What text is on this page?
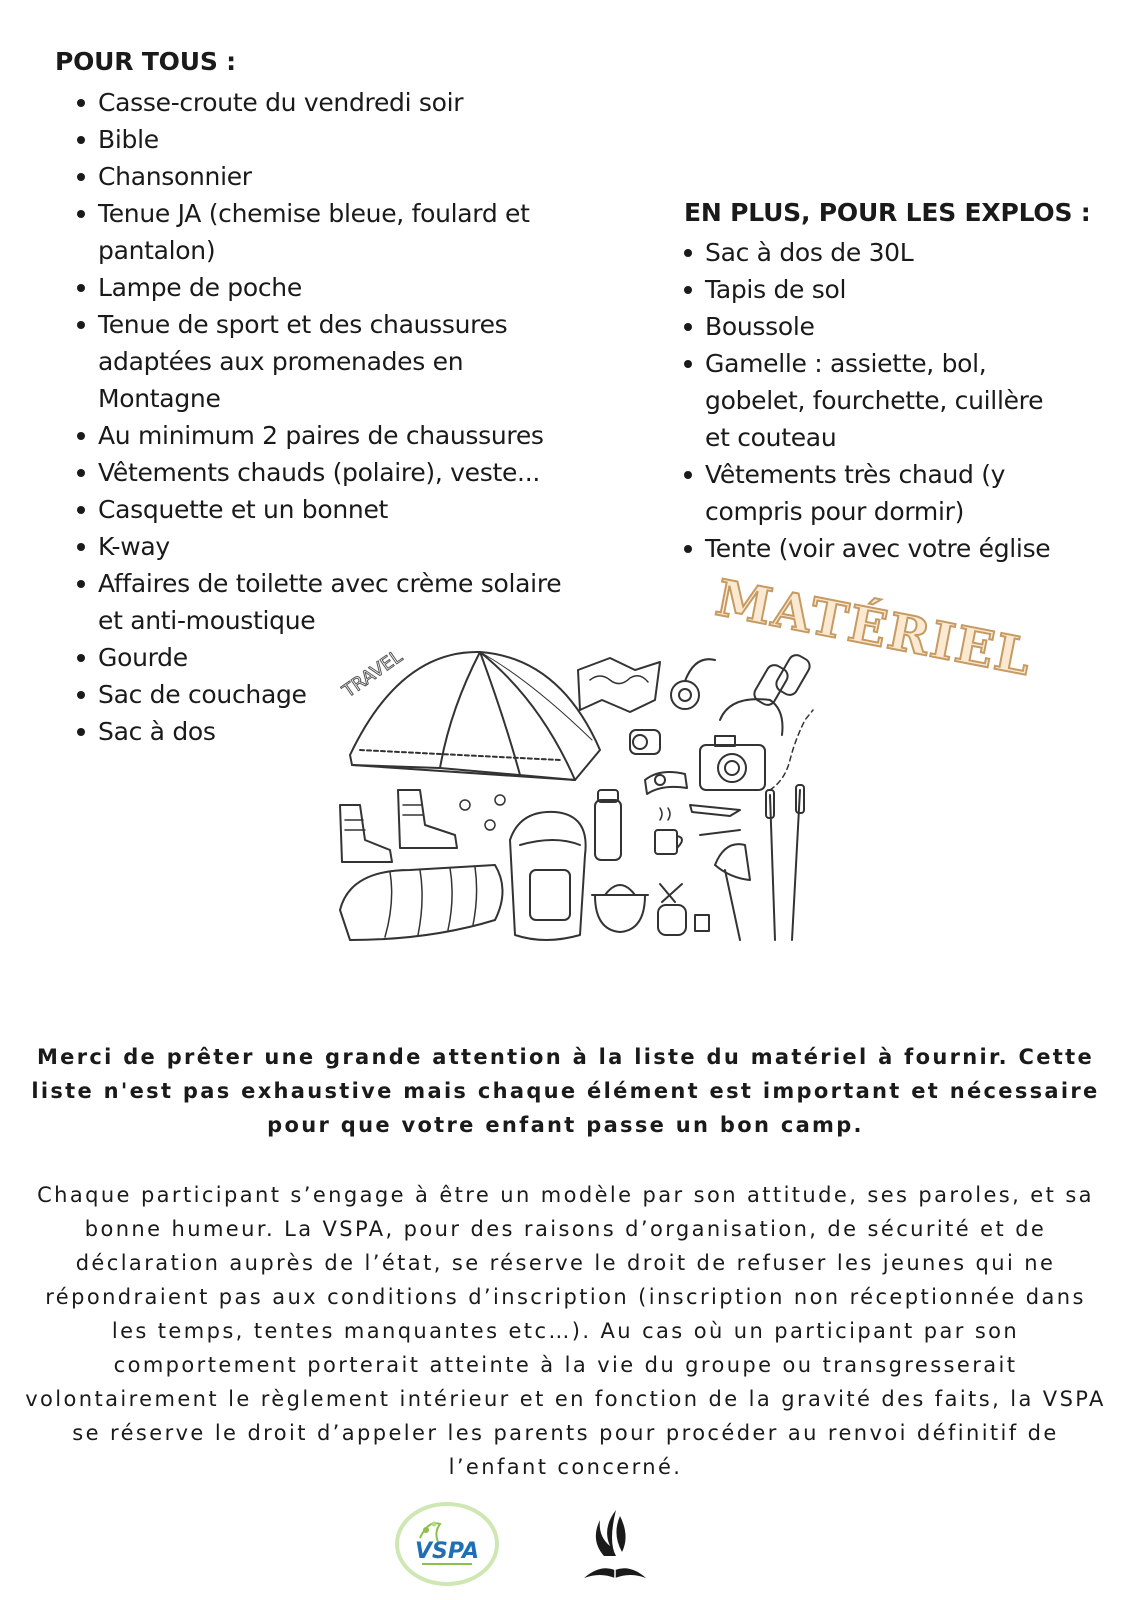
POUR TOUS :
Casse-croute du vendredi soir
Bible
Chansonnier
Tenue JA (chemise bleue, foulard et pantalon)
Lampe de poche
Tenue de sport et des chaussures adaptées aux promenades en Montagne
Au minimum 2 paires de chaussures
Vêtements chauds (polaire), veste...
Casquette et un bonnet
K-way
Affaires de toilette avec crème solaire et anti-moustique
Gourde
Sac de couchage
Sac à dos
EN PLUS, POUR LES EXPLOS :
Sac à dos de 30L
Tapis de sol
Boussole
Gamelle : assiette, bol, gobelet, fourchette, cuillère et couteau
Vêtements très chaud (y compris pour dormir)
Tente (voir avec votre église
MATÉRIEL
TRAVEL

Merci de prêter une grande attention à la liste du matériel à fournir. Cette liste n'est pas exhaustive mais chaque élément est important et nécessaire pour que votre enfant passe un bon camp.

Chaque participant s’engage à être un modèle par son attitude, ses paroles, et sa bonne humeur. La VSPA, pour des raisons d’organisation, de sécurité et de déclaration auprès de l’état, se réserve le droit de refuser les jeunes qui ne répondraient pas aux conditions d’inscription (inscription non réceptionnée dans les temps, tentes manquantes etc…). Au cas où un participant par son comportement porterait atteinte à la vie du groupe ou transgresserait volontairement le règlement intérieur et en fonction de la gravité des faits, la VSPA se réserve le droit d’appeler les parents pour procéder au renvoi définitif de l’enfant concerné.

VSPA
